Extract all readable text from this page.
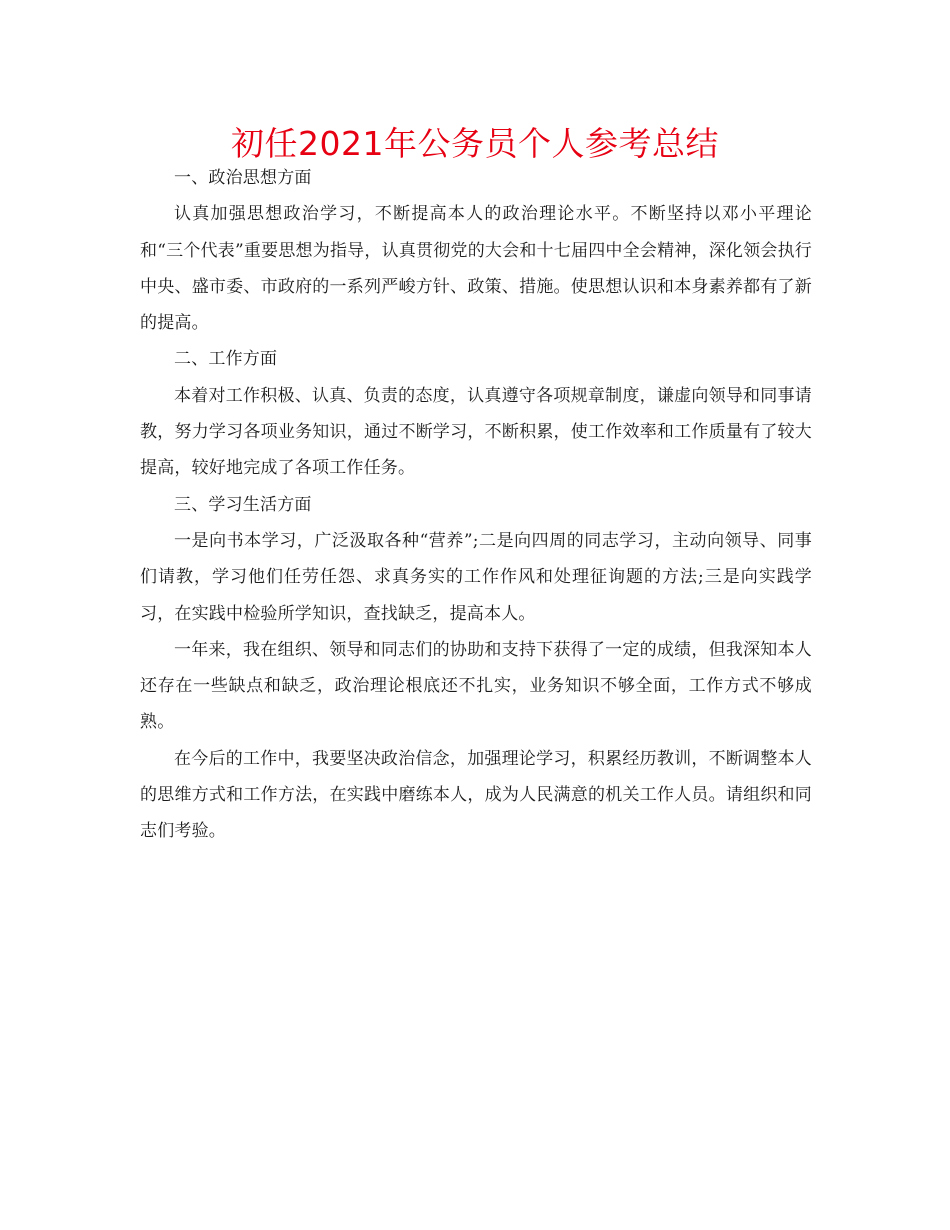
初任2021年公务员个人参考总结

一、政治思想方面

认真加强思想政治学习，不断提高本人的政治理论水平。不断坚持以邓小平理论和“三个代表”重要思想为指导，认真贯彻党的大会和十七届四中全会精神，深化领会执行中央、盛市委、市政府的一系列严峻方针、政策、措施。使思想认识和本身素养都有了新的提高。

二、工作方面

本着对工作积极、认真、负责的态度，认真遵守各项规章制度，谦虚向领导和同事请教，努力学习各项业务知识，通过不断学习，不断积累，使工作效率和工作质量有了较大提高，较好地完成了各项工作任务。

三、学习生活方面

一是向书本学习，广泛汲取各种“营养”;二是向四周的同志学习，主动向领导、同事们请教，学习他们任劳任怨、求真务实的工作作风和处理征询题的方法;三是向实践学习，在实践中检验所学知识，查找缺乏，提高本人。

一年来，我在组织、领导和同志们的协助和支持下获得了一定的成绩，但我深知本人还存在一些缺点和缺乏，政治理论根底还不扎实，业务知识不够全面，工作方式不够成熟。

在今后的工作中，我要坚决政治信念，加强理论学习，积累经历教训，不断调整本人的思维方式和工作方法，在实践中磨练本人，成为人民满意的机关工作人员。请组织和同志们考验。
